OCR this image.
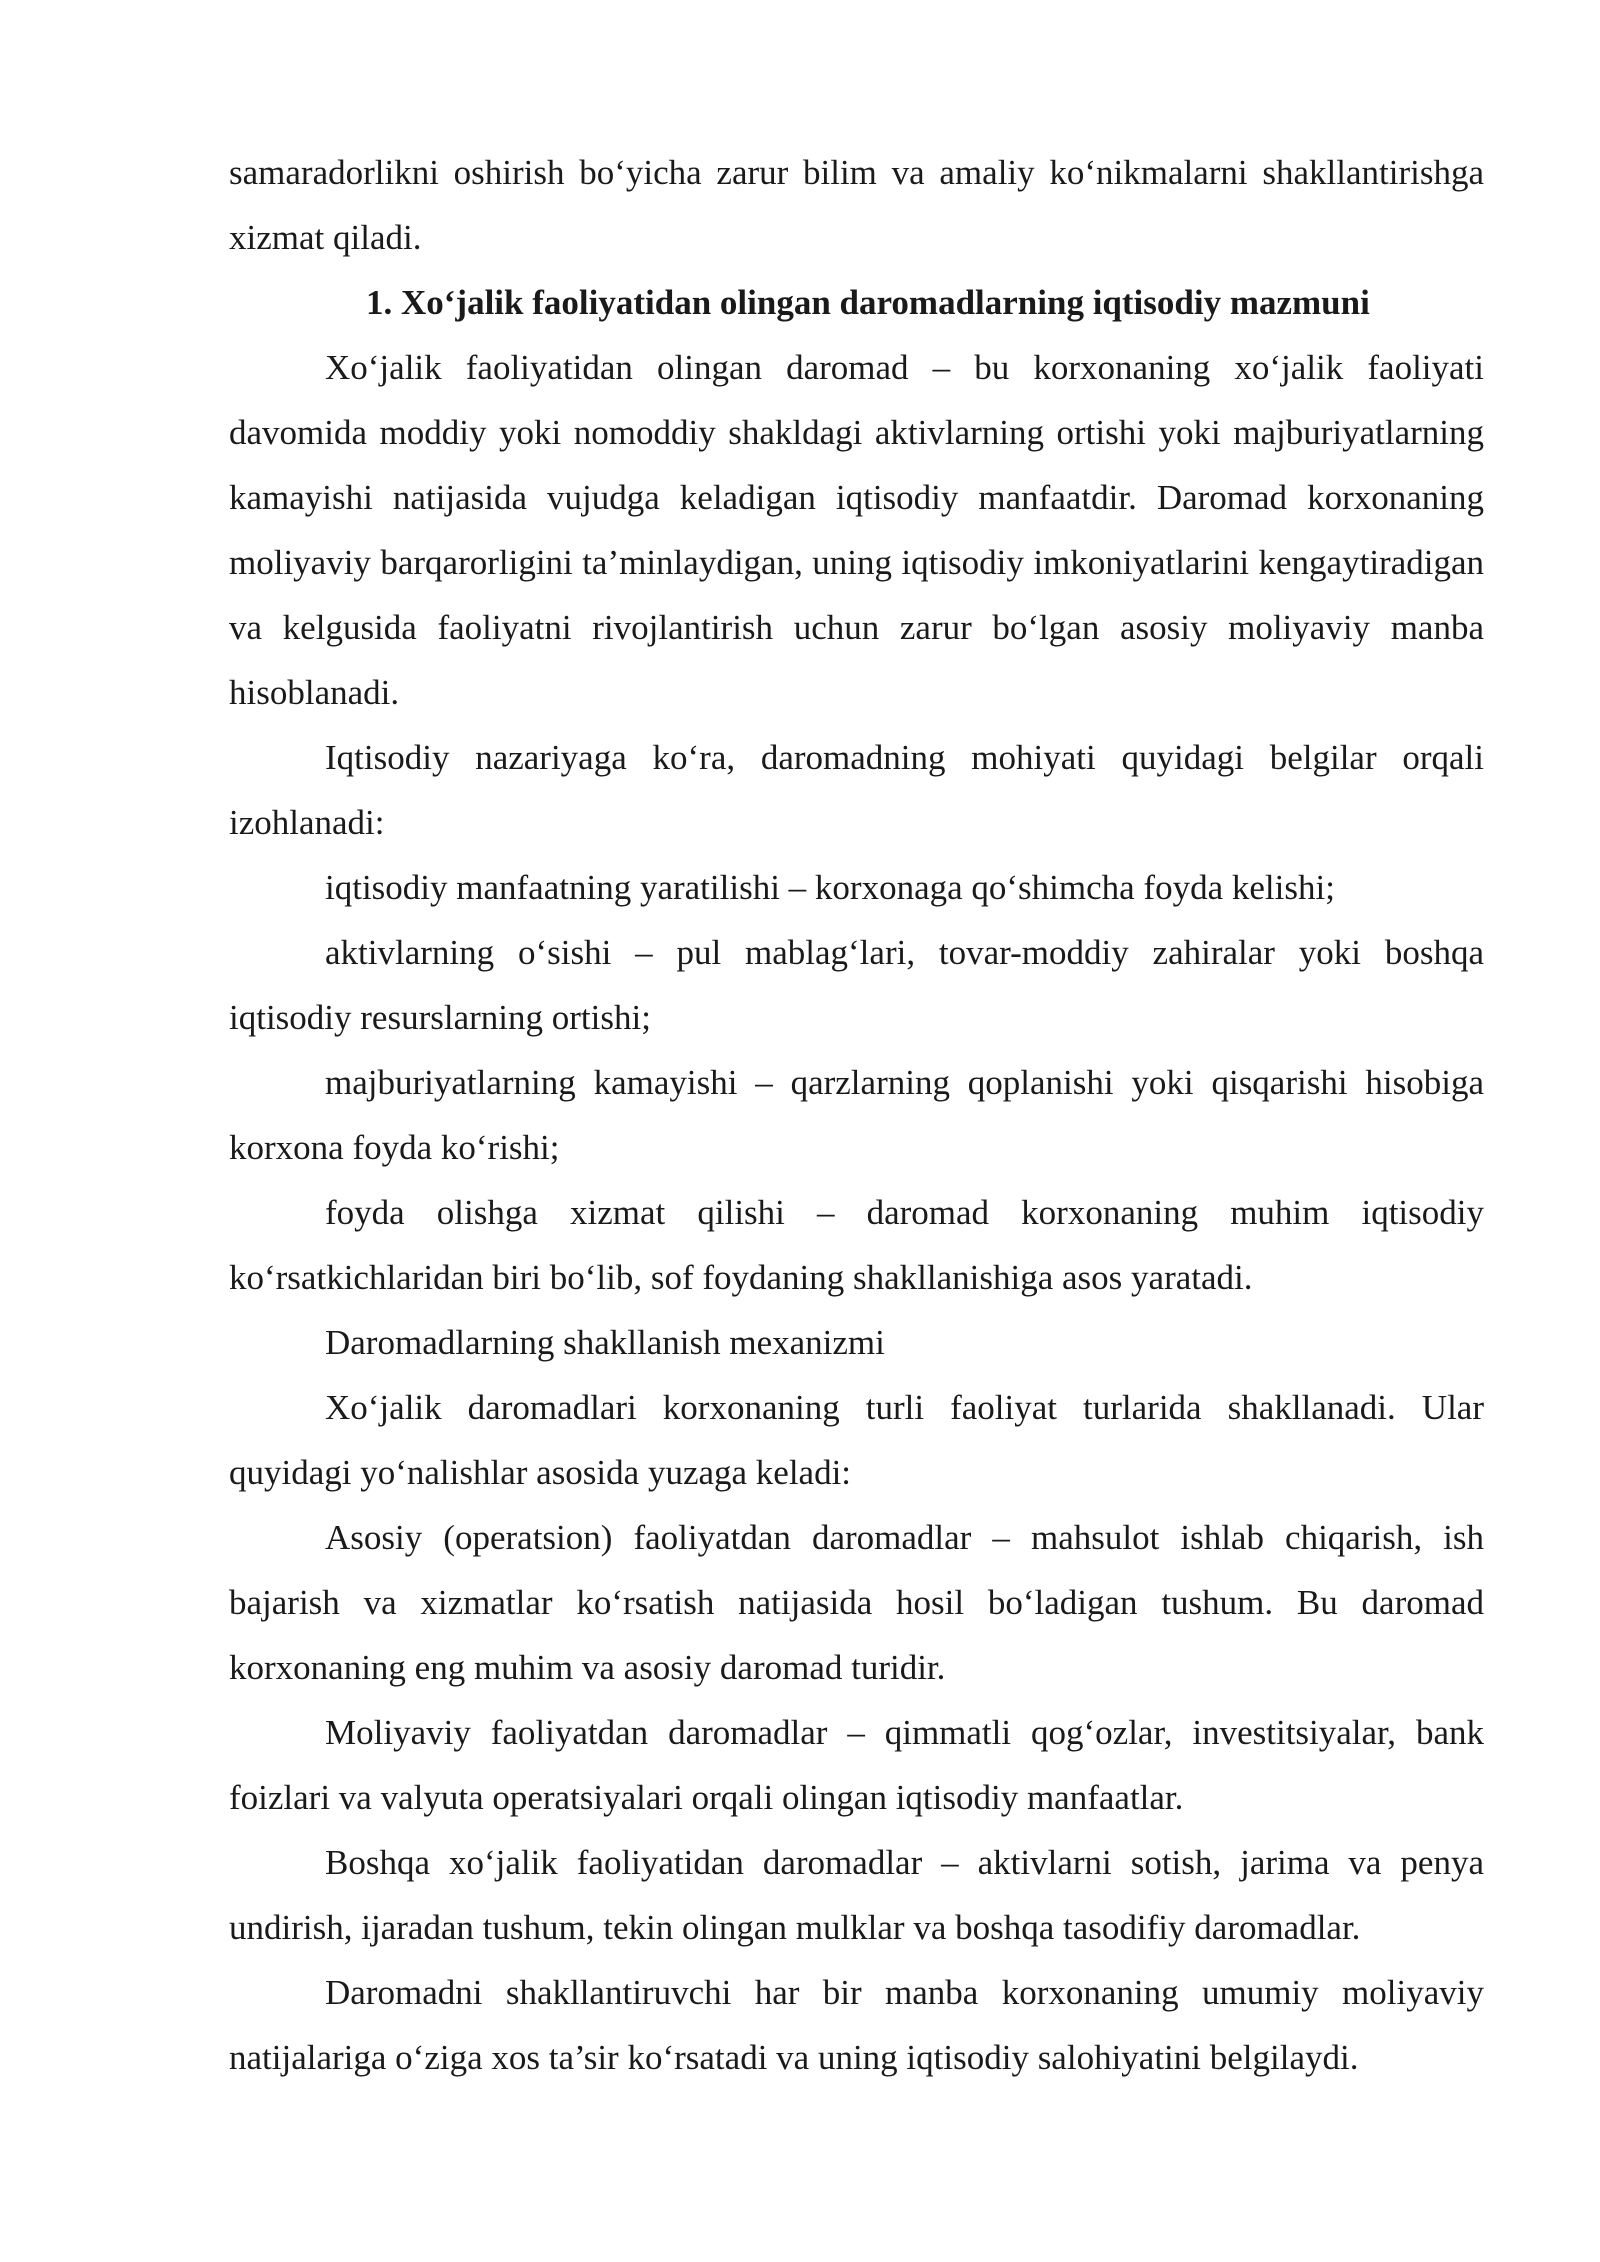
samaradorlikni oshirish bo‘yicha zarur bilim va amaliy ko‘nikmalarni shakllantirishga xizmat qiladi.

1. Xo‘jalik faoliyatidan olingan daromadlarning iqtisodiy mazmuni

Xo‘jalik faoliyatidan olingan daromad – bu korxonaning xo‘jalik faoliyati davomida moddiy yoki nomoddiy shakldagi aktivlarning ortishi yoki majburiyatlarning kamayishi natijasida vujudga keladigan iqtisodiy manfaatdir. Daromad korxonaning moliyaviy barqarorligini ta’minlaydigan, uning iqtisodiy imkoniyatlarini kengaytiradigan va kelgusida faoliyatni rivojlantirish uchun zarur bo‘lgan asosiy moliyaviy manba hisoblanadi.

Iqtisodiy nazariyaga ko‘ra, daromadning mohiyati quyidagi belgilar orqali izohlanadi:

iqtisodiy manfaatning yaratilishi – korxonaga qo‘shimcha foyda kelishi;

aktivlarning o‘sishi – pul mablag‘lari, tovar-moddiy zahiralar yoki boshqa iqtisodiy resurslarning ortishi;

majburiyatlarning kamayishi – qarzlarning qoplanishi yoki qisqarishi hisobiga korxona foyda ko‘rishi;

foyda olishga xizmat qilishi – daromad korxonaning muhim iqtisodiy ko‘rsatkichlaridan biri bo‘lib, sof foydaning shakllanishiga asos yaratadi.

Daromadlarning shakllanish mexanizmi

Xo‘jalik daromadlari korxonaning turli faoliyat turlarida shakllanadi. Ular quyidagi yo‘nalishlar asosida yuzaga keladi:

Asosiy (operatsion) faoliyatdan daromadlar – mahsulot ishlab chiqarish, ish bajarish va xizmatlar ko‘rsatish natijasida hosil bo‘ladigan tushum. Bu daromad korxonaning eng muhim va asosiy daromad turidir.

Moliyaviy faoliyatdan daromadlar – qimmatli qog‘ozlar, investitsiyalar, bank foizlari va valyuta operatsiyalari orqali olingan iqtisodiy manfaatlar.

Boshqa xo‘jalik faoliyatidan daromadlar – aktivlarni sotish, jarima va penya undirish, ijaradan tushum, tekin olingan mulklar va boshqa tasodifiy daromadlar.

Daromadni shakllantiruvchi har bir manba korxonaning umumiy moliyaviy natijalariga o‘ziga xos ta’sir ko‘rsatadi va uning iqtisodiy salohiyatini belgilaydi.
